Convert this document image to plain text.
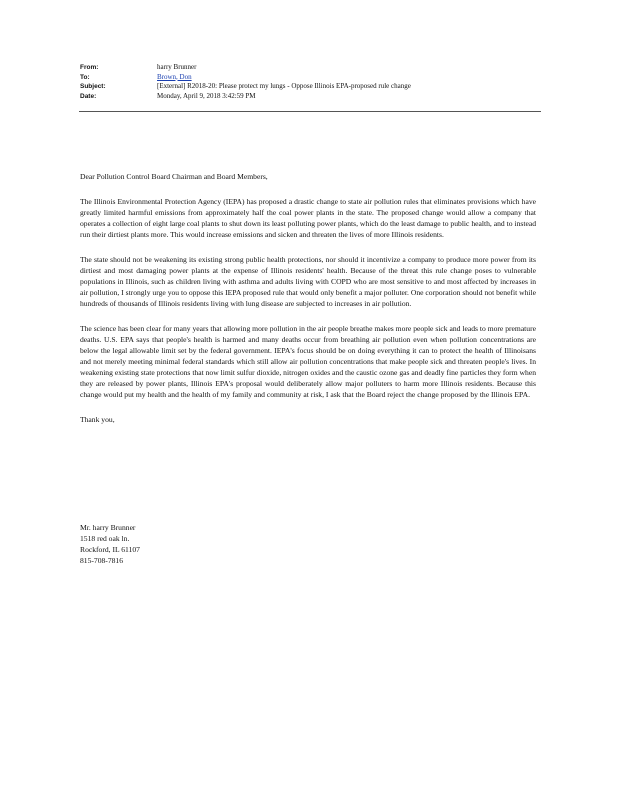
From:	harry Brunner
To:	Brown, Don
Subject:	[External] R2018-20: Please protect my lungs - Oppose Illinois EPA-proposed rule change
Date:	Monday, April 9, 2018 3:42:59 PM

Dear Pollution Control Board Chairman and Board Members,

The Illinois Environmental Protection Agency (IEPA) has proposed a drastic change to state air pollution rules that eliminates provisions which have greatly limited harmful emissions from approximately half the coal power plants in the state. The proposed change would allow a company that operates a collection of eight large coal plants to shut down its least polluting power plants, which do the least damage to public health, and to instead run their dirtiest plants more. This would increase emissions and sicken and threaten the lives of more Illinois residents.

The state should not be weakening its existing strong public health protections, nor should it incentivize a company to produce more power from its dirtiest and most damaging power plants at the expense of Illinois residents' health. Because of the threat this rule change poses to vulnerable populations in Illinois, such as children living with asthma and adults living with COPD who are most sensitive to and most affected by increases in air pollution, I strongly urge you to oppose this IEPA proposed rule that would only benefit a major polluter. One corporation should not benefit while hundreds of thousands of Illinois residents living with lung disease are subjected to increases in air pollution.

The science has been clear for many years that allowing more pollution in the air people breathe makes more people sick and leads to more premature deaths. U.S. EPA says that people's health is harmed and many deaths occur from breathing air pollution even when pollution concentrations are below the legal allowable limit set by the federal government. IEPA's focus should be on doing everything it can to protect the health of Illinoisans and not merely meeting minimal federal standards which still allow air pollution concentrations that make people sick and threaten people's lives. In weakening existing state protections that now limit sulfur dioxide, nitrogen oxides and the caustic ozone gas and deadly fine particles they form when they are released by power plants, Illinois EPA's proposal would deliberately allow major polluters to harm more Illinois residents. Because this change would put my health and the health of my family and community at risk, I ask that the Board reject the change proposed by the Illinois EPA.

Thank you,

Mr. harry Brunner
1518 red oak ln.
Rockford, IL 61107
815-708-7816
